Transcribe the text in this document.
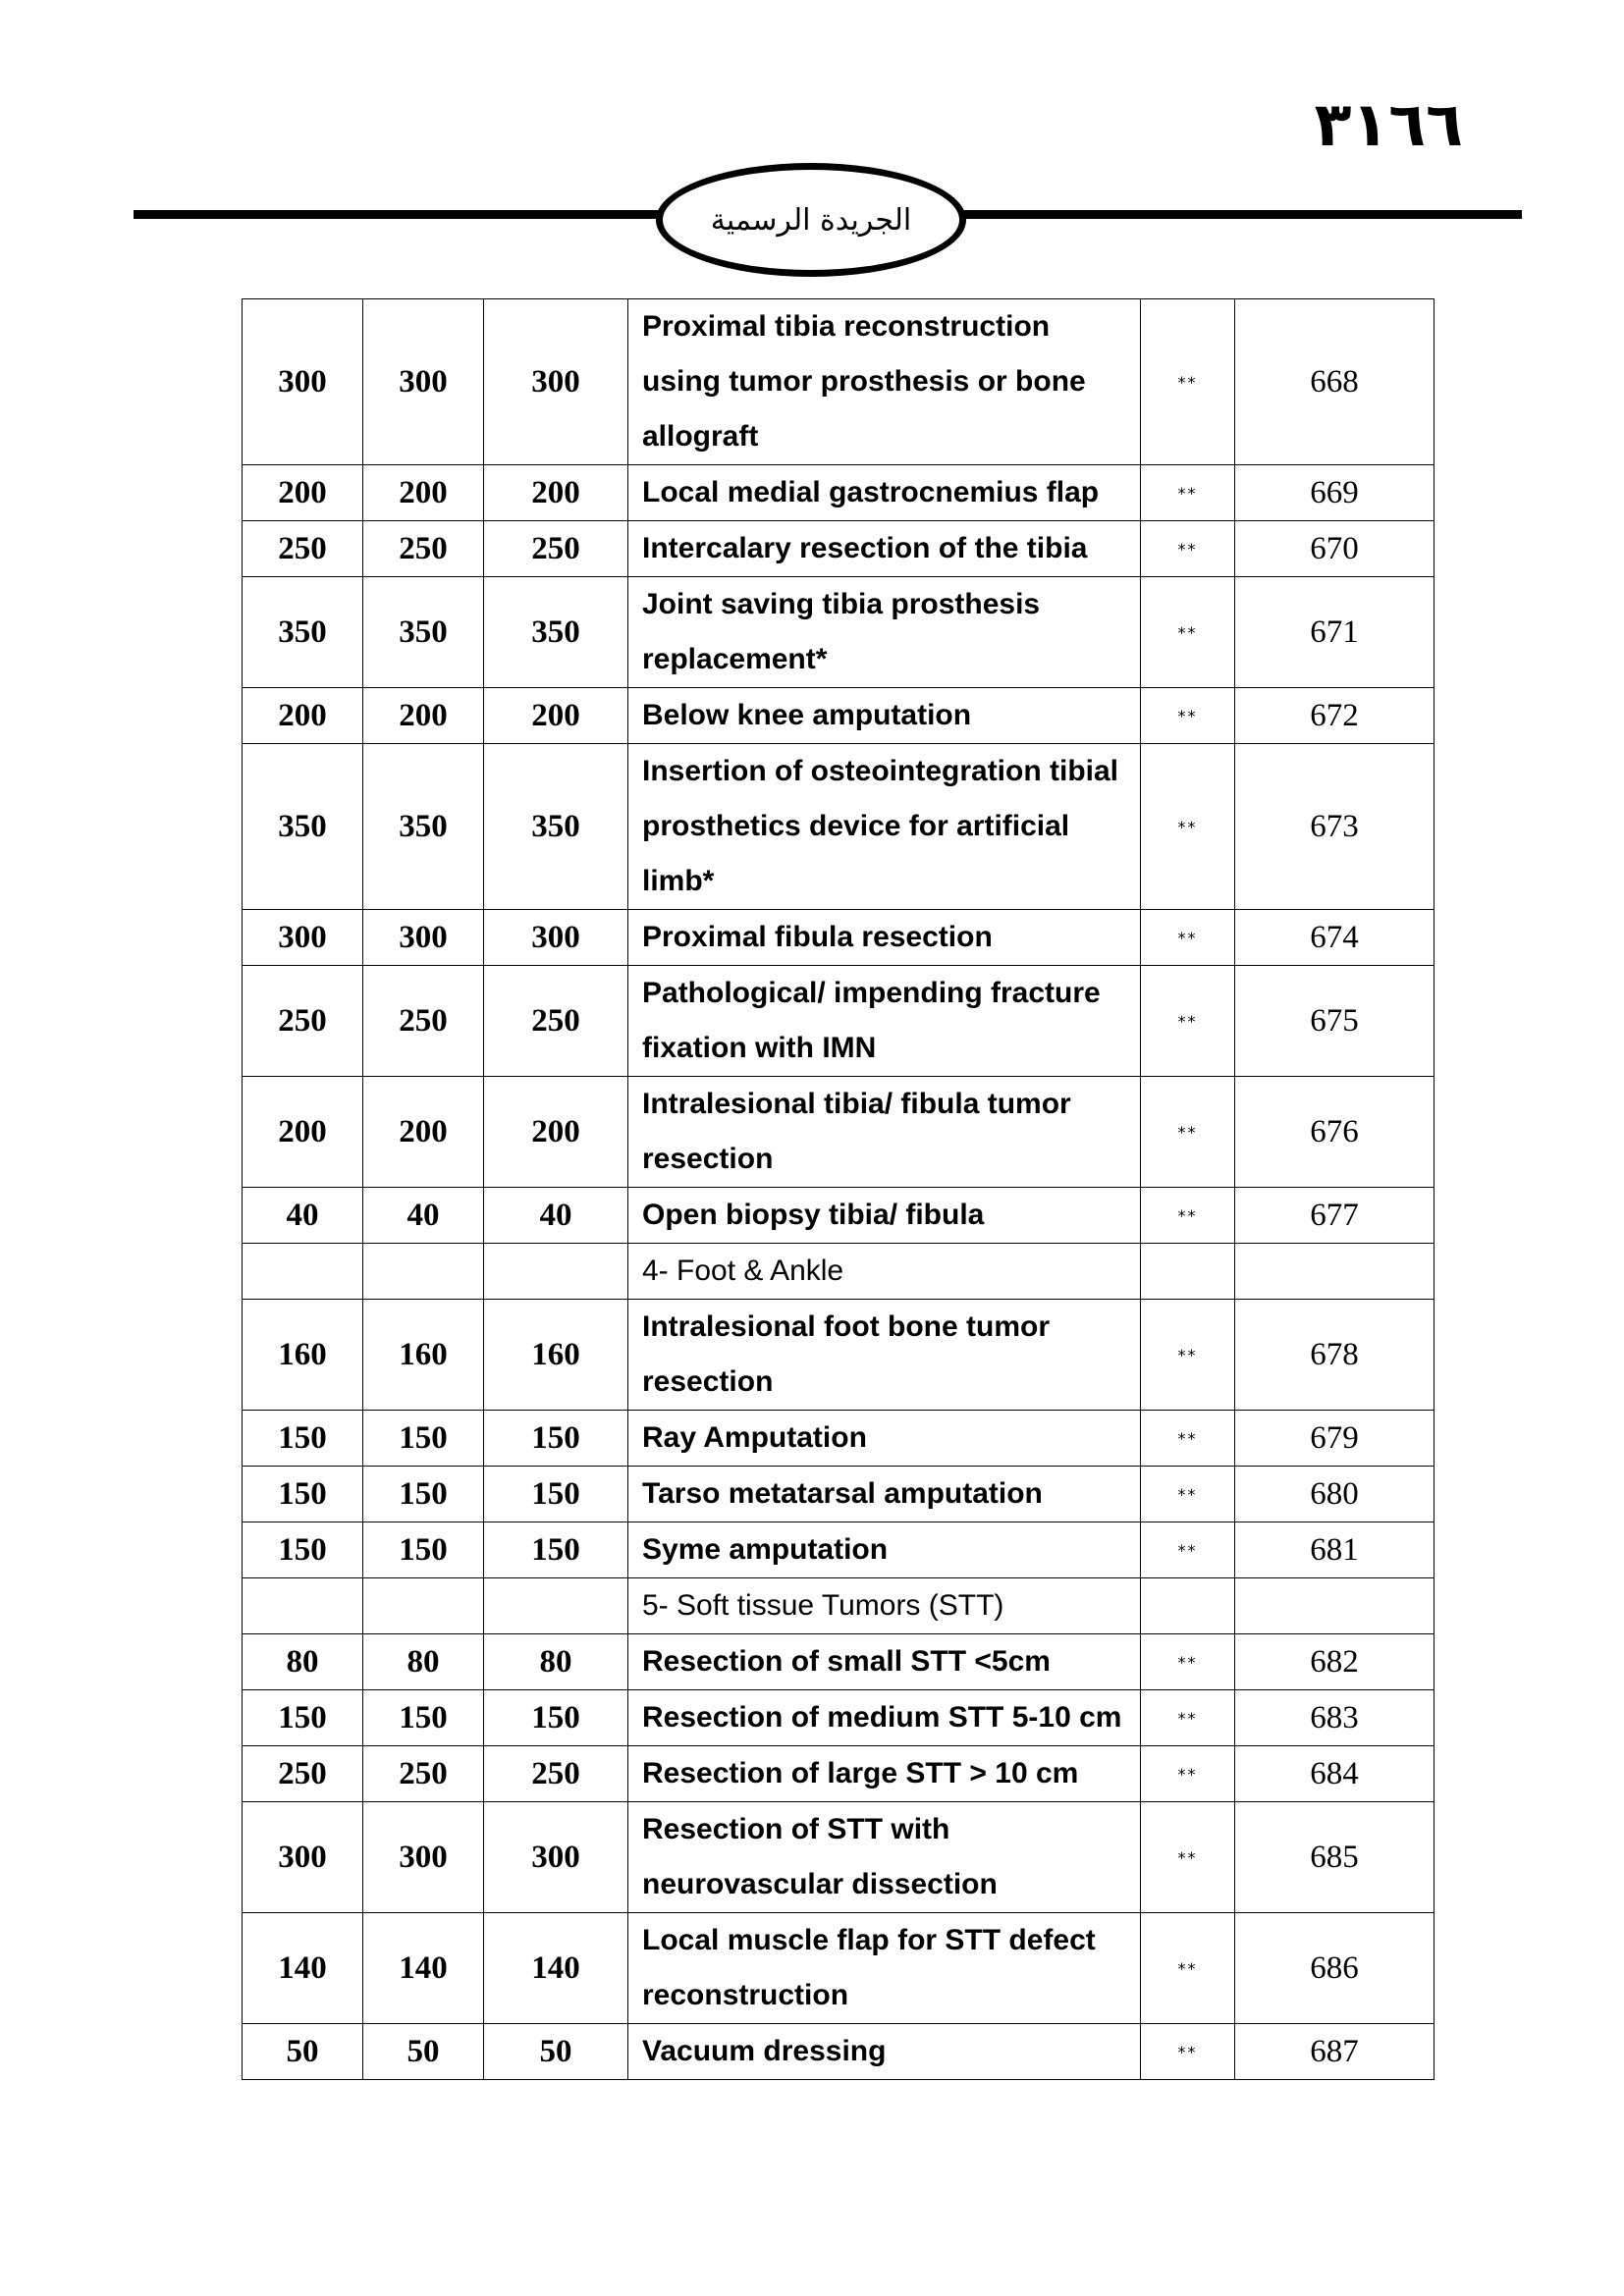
٣١٦٦
الجريدة الرسمية
300	300	300	Proximal tibia reconstruction using tumor prosthesis or bone allograft	**	668
200	200	200	Local medial gastrocnemius flap	**	669
250	250	250	Intercalary resection of the tibia	**	670
350	350	350	Joint saving tibia prosthesis replacement*	**	671
200	200	200	Below knee amputation	**	672
350	350	350	Insertion of osteointegration tibial prosthetics device for artificial limb*	**	673
300	300	300	Proximal fibula resection	**	674
250	250	250	Pathological/ impending fracture fixation with IMN	**	675
200	200	200	Intralesional tibia/ fibula tumor resection	**	676
40	40	40	Open biopsy tibia/ fibula	**	677
			4- Foot & Ankle		
160	160	160	Intralesional foot bone tumor resection	**	678
150	150	150	Ray Amputation	**	679
150	150	150	Tarso metatarsal amputation	**	680
150	150	150	Syme amputation	**	681
			5- Soft tissue Tumors (STT)		
80	80	80	Resection of small STT <5cm	**	682
150	150	150	Resection of medium STT 5-10 cm	**	683
250	250	250	Resection of large STT > 10 cm	**	684
300	300	300	Resection of STT with neurovascular dissection	**	685
140	140	140	Local muscle flap for STT defect reconstruction	**	686
50	50	50	Vacuum dressing	**	687
